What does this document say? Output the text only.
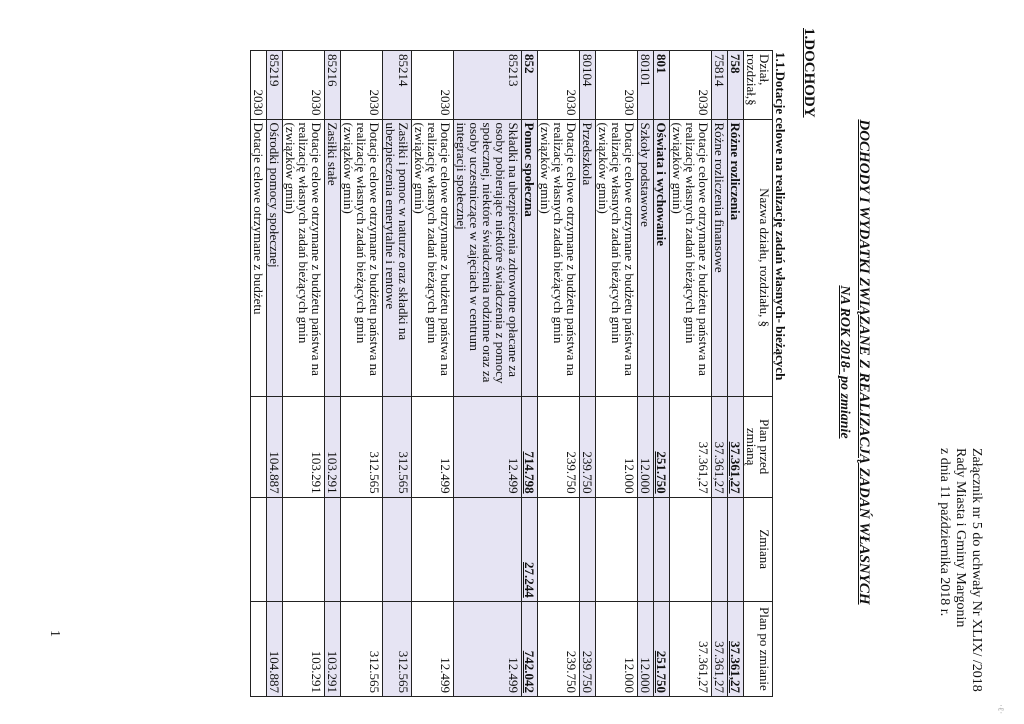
·ℓ·
Załącznik nr 5 do uchwały Nr XLIX/ /2018
Rady Miasta i Gminy Margonin
z dnia 11 października 2018 r.
DOCHODY I WYDATKI ZWIĄZANE Z REALIZACJĄ ZADAŃ WŁASNYCH
NA ROK 2018- po zmianie
1.DOCHODY
1.1.Dotacje celowe na realizację zadań własnych- bieżących
Dział, rozdział,§	Nazwa działu, rozdziału, §	Plan przed zmianą	Zmiana	Plan po zmianie
758	Różne rozliczenia	37.361,27		37.361,27
75814	Różne rozliczenia finansowe	37.361,27		37.361,27
2030	Dotacje celowe otrzymane z budżetu państwa na realizację własnych zadań bieżących gmin (związków gmin)	37.361,27		37.361,27
801	Oświata i wychowanie	251.750		251.750
80101	Szkoły podstawowe	12.000		12.000
2030	Dotacje celowe otrzymane z budżetu państwa na realizację własnych zadań bieżących gmin (związków gmin)	12.000		12.000
80104	Przedszkola	239.750		239.750
2030	Dotacje celowe otrzymane z budżetu państwa na realizację własnych zadań bieżących gmin (związków gmin)	239.750		239.750
852	Pomoc społeczna	714.798	27.244	742.042
85213	Składki na ubezpieczenia zdrowotne opłacane za osoby pobierające niektóre świadczenia z pomocy społecznej, niektóre świadczenia rodzinne oraz za osoby uczestniczące w zajęciach w centrum integracji społecznej	12.499		12.499
2030	Dotacje celowe otrzymane z budżetu państwa na realizację własnych zadań bieżących gmin (związków gmin)	12.499		12.499
85214	Zasiłki i pomoc w naturze oraz składki na ubezpieczenia emerytalne i rentowe	312.565		312.565
2030	Dotacje celowe otrzymane z budżetu państwa na realizację własnych zadań bieżących gmin (związków gmin)	312.565		312.565
85216	Zasiłki stałe	103.291		103.291
2030	Dotacje celowe otrzymane z budżetu państwa na realizację własnych zadań bieżących gmin (związków gmin)	103.291		103.291
85219	Ośrodki pomocy społecznej	104.887		104.887
2030	Dotacje celowe otrzymane z budżetu			
1
